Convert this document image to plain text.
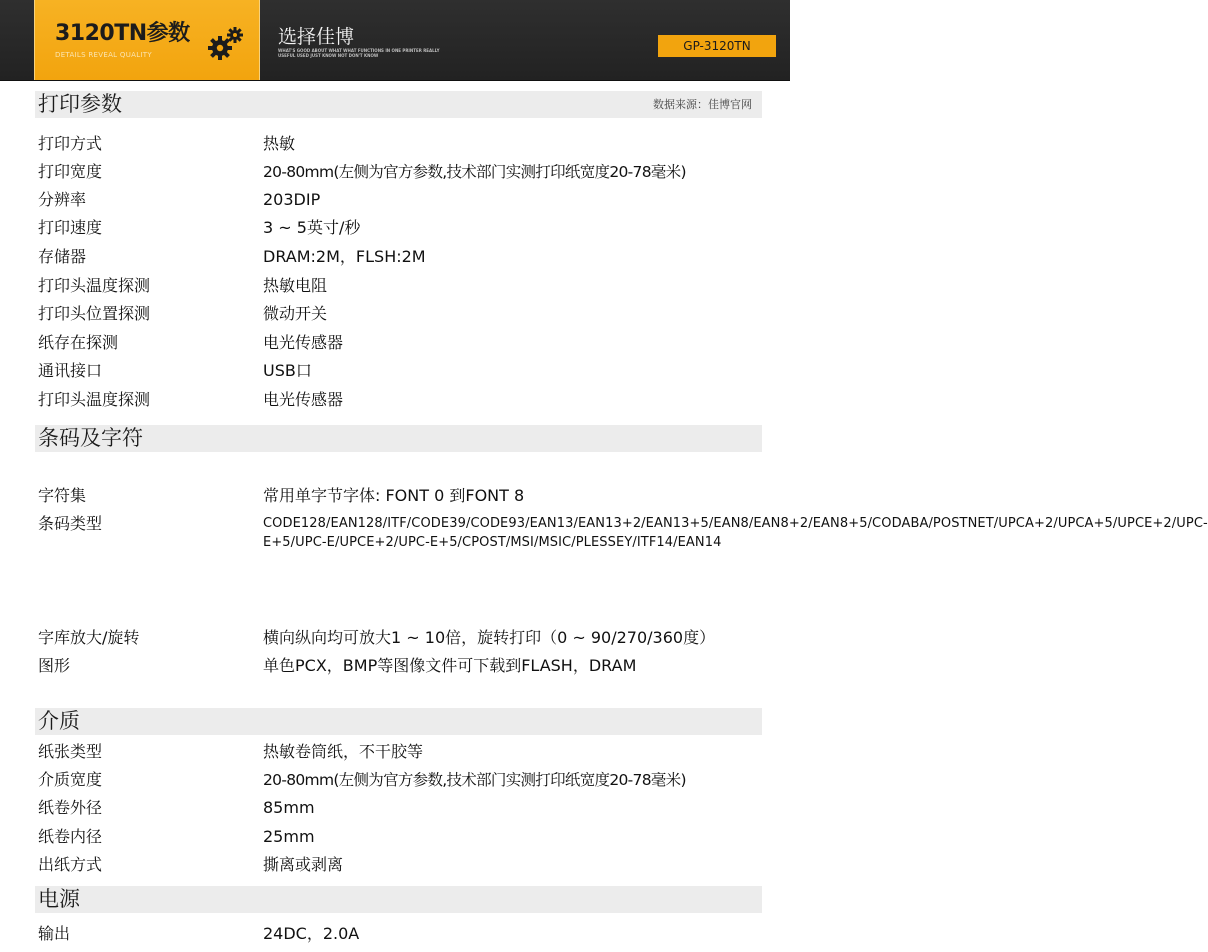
3120TN参数
DETAILS REVEAL QUALITY
选择佳博
WHAT'S GOOD ABOUT WHAT WHAT FUNCTIONS IN ONE PRINTER REALLY USEFUL USED JUST KNOW NOT DON'T KNOW
GP-3120TN
打印参数	数据来源：佳博官网
打印方式	热敏
打印宽度	20-80mm(左侧为官方参数,技术部门实测打印纸宽度20-78毫米)
分辨率	203DIP
打印速度	3 ~ 5英寸/秒
存储器	DRAM:2M，FLSH:2M
打印头温度探测	热敏电阻
打印头位置探测	微动开关
纸存在探测	电光传感器
通讯接口	USB口
打印头温度探测	电光传感器
条码及字符
字符集	常用单字节字体: FONT 0 到FONT 8
条码类型	CODE128/EAN128/ITF/CODE39/CODE93/EAN13/EAN13+2/EAN13+5/EAN8/EAN8+2/EAN8+5/CODABA/POSTNET/UPCA+2/UPCA+5/UPCE+2/UPC-E+5/UPC-E/UPCE+2/UPC-E+5/CPOST/MSI/MSIC/PLESSEY/ITF14/EAN14
字库放大/旋转	横向纵向均可放大1 ~ 10倍，旋转打印（0 ~ 90/270/360度）
图形	单色PCX，BMP等图像文件可下载到FLASH，DRAM
介质
纸张类型	热敏卷筒纸，不干胶等
介质宽度	20-80mm(左侧为官方参数,技术部门实测打印纸宽度20-78毫米)
纸卷外径	85mm
纸卷内径	25mm
出纸方式	撕离或剥离
电源
输出	24DC，2.0A
